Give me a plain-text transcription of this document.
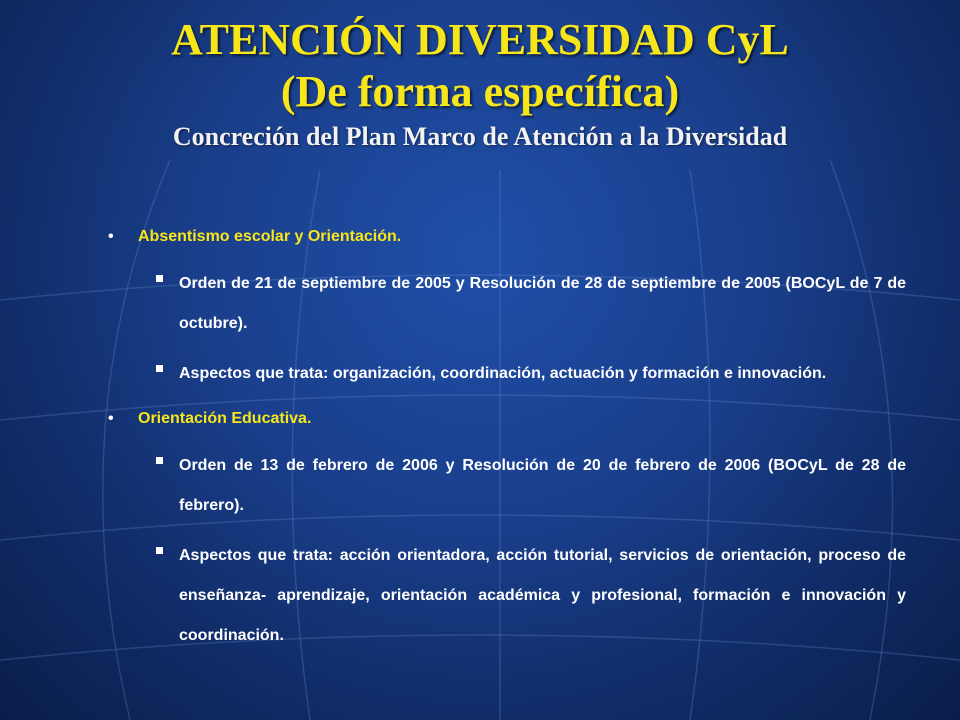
ATENCIÓN DIVERSIDAD CyL

(De forma específica)

Concreción del Plan Marco de Atención a la Diversidad

•	Absentismo escolar y Orientación.
Orden de 21 de septiembre de 2005 y Resolución de 28 de septiembre de 2005 (BOCyL de 7 de octubre).
Aspectos que trata: organización, coordinación, actuación y formación e innovación.
•	Orientación Educativa.
Orden de 13 de febrero de 2006 y Resolución de 20 de febrero de 2006 (BOCyL de 28 de febrero).
Aspectos que trata: acción orientadora, acción tutorial, servicios de orientación, proceso de enseñanza- aprendizaje, orientación académica y profesional, formación e innovación y coordinación.
